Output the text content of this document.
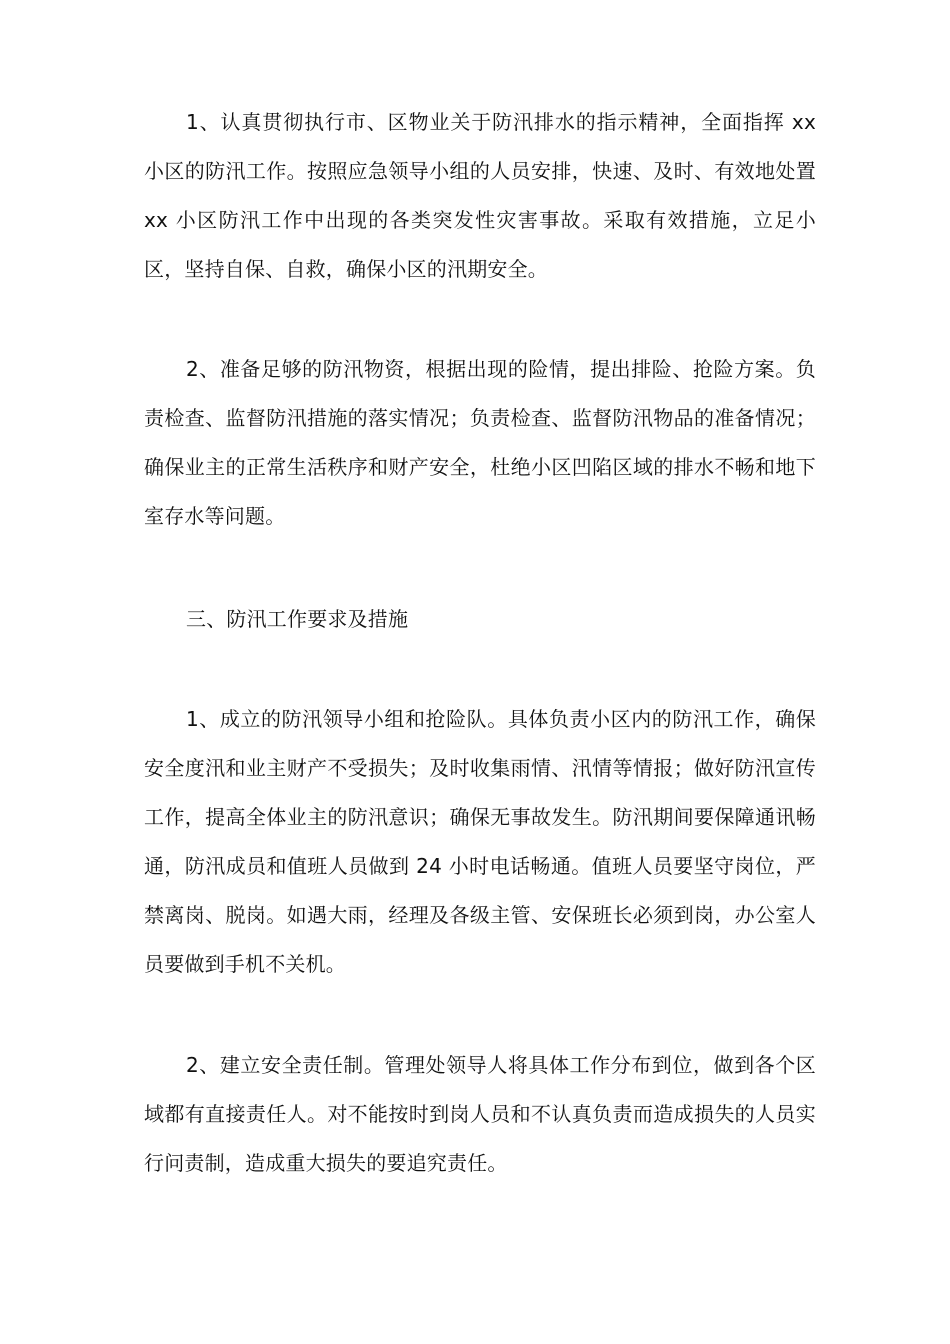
1、认真贯彻执行市、区物业关于防汛排水的指示精神，全面指挥 xx 小区的防汛工作。按照应急领导小组的人员安排，快速、及时、有效地处置 xx 小区防汛工作中出现的各类突发性灾害事故。采取有效措施，立足小区，坚持自保、自救，确保小区的汛期安全。

2、准备足够的防汛物资，根据出现的险情，提出排险、抢险方案。负责检查、监督防汛措施的落实情况；负责检查、监督防汛物品的准备情况；确保业主的正常生活秩序和财产安全，杜绝小区凹陷区域的排水不畅和地下室存水等问题。

三、防汛工作要求及措施

1、成立的防汛领导小组和抢险队。具体负责小区内的防汛工作，确保安全度汛和业主财产不受损失；及时收集雨情、汛情等情报；做好防汛宣传工作，提高全体业主的防汛意识；确保无事故发生。防汛期间要保障通讯畅通，防汛成员和值班人员做到 24 小时电话畅通。值班人员要坚守岗位，严禁离岗、脱岗。如遇大雨，经理及各级主管、安保班长必须到岗，办公室人员要做到手机不关机。

2、建立安全责任制。管理处领导人将具体工作分布到位，做到各个区域都有直接责任人。对不能按时到岗人员和不认真负责而造成损失的人员实行问责制，造成重大损失的要追究责任。
